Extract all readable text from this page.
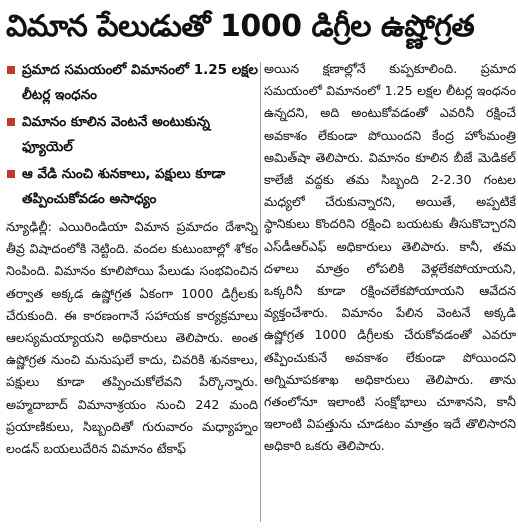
విమాన పేలుడుతో 1000 డిగ్రీల ఉష్ణోగ్రత
ప్రమాద సమయంలో విమానంలో 1.25 లక్షల లీటర్ల ఇంధనం
విమానం కూలిన వెంటనే అంటుకున్న ఫ్యూయెల్
ఆ వేడి నుంచి శునకాలు, పక్షులు కూడా తప్పించుకోవడం అసాధ్యం

న్యూఢిల్లీ: ఎయిరిండియా విమాన ప్రమాదం దేశాన్ని తీవ్ర విషాదంలోకి నెట్టింది. వందల కుటుంబాల్లో శోకం నింపింది. విమానం కూలిపోయి పేలుడు సంభవించిన తర్వాత అక్కడ ఉష్ణోగ్రత ఏకంగా 1000 డిగ్రీలకు చేరుకుంది. ఈ కారణంగానే సహాయక కార్యక్రమాలు ఆలస్యమయ్యాయని అధికారులు తెలిపారు. అంత ఉష్ణోగ్రత నుంచి మనుషులే కాదు, చివరికి శునకాలు, పక్షులు కూడా తప్పించుకోలేవని పేర్కొన్నారు. అహ్మదాబాద్ విమానాశ్రయం నుంచి 242 మంది ప్రయాణికులు, సిబ్బందితో గురువారం మధ్యాహ్నం లండన్ బయలుదేరిన విమానం టేకాఫ్

అయిన క్షణాల్లోనే కుప్పకూలింది. ప్రమాద సమయంలో విమానంలో 1.25 లక్షల లీటర్ల ఇంధనం ఉన్నదని, అది అంటుకోవడంతో ఎవరినీ రక్షించే అవకాశం లేకుండా పోయిందని కేంద్ర హోంమంత్రి అమిత్‌షా తెలిపారు. విమానం కూలిన బీజే మెడికల్ కాలేజీ వద్దకు తమ సిబ్బంది 2-2.30 గంటల మధ్యలో చేరుకున్నారని, అయితే, అప్పటికే స్థానికులు కొందరిని రక్షించి బయటకు తీసుకొచ్చారని ఎస్‌డీఆర్ఎఫ్ అధికారులు తెలిపారు. కానీ, తమ దళాలు మాత్రం లోపలికి వెళ్లలేకపోయాయని, ఒక్కరినీ కూడా రక్షించలేకపోయాయని ఆవేదన వ్యక్తంచేశారు. విమానం పేలిన వెంటనే అక్కడి ఉష్ణోగ్రత 1000 డిగ్రీలకు చేరుకోవడంతో ఎవరూ తప్పించుకునే అవకాశం లేకుండా పోయిందని అగ్నిమాపకశాఖ అధికారులు తెలిపారు. తాను గతంలోనూ ఇలాంటి సంక్షోభాలు చూశానని, కానీ ఇలాంటి విపత్తును చూడటం మాత్రం ఇదే తొలిసారని అధికారి ఒకరు తెలిపారు.
